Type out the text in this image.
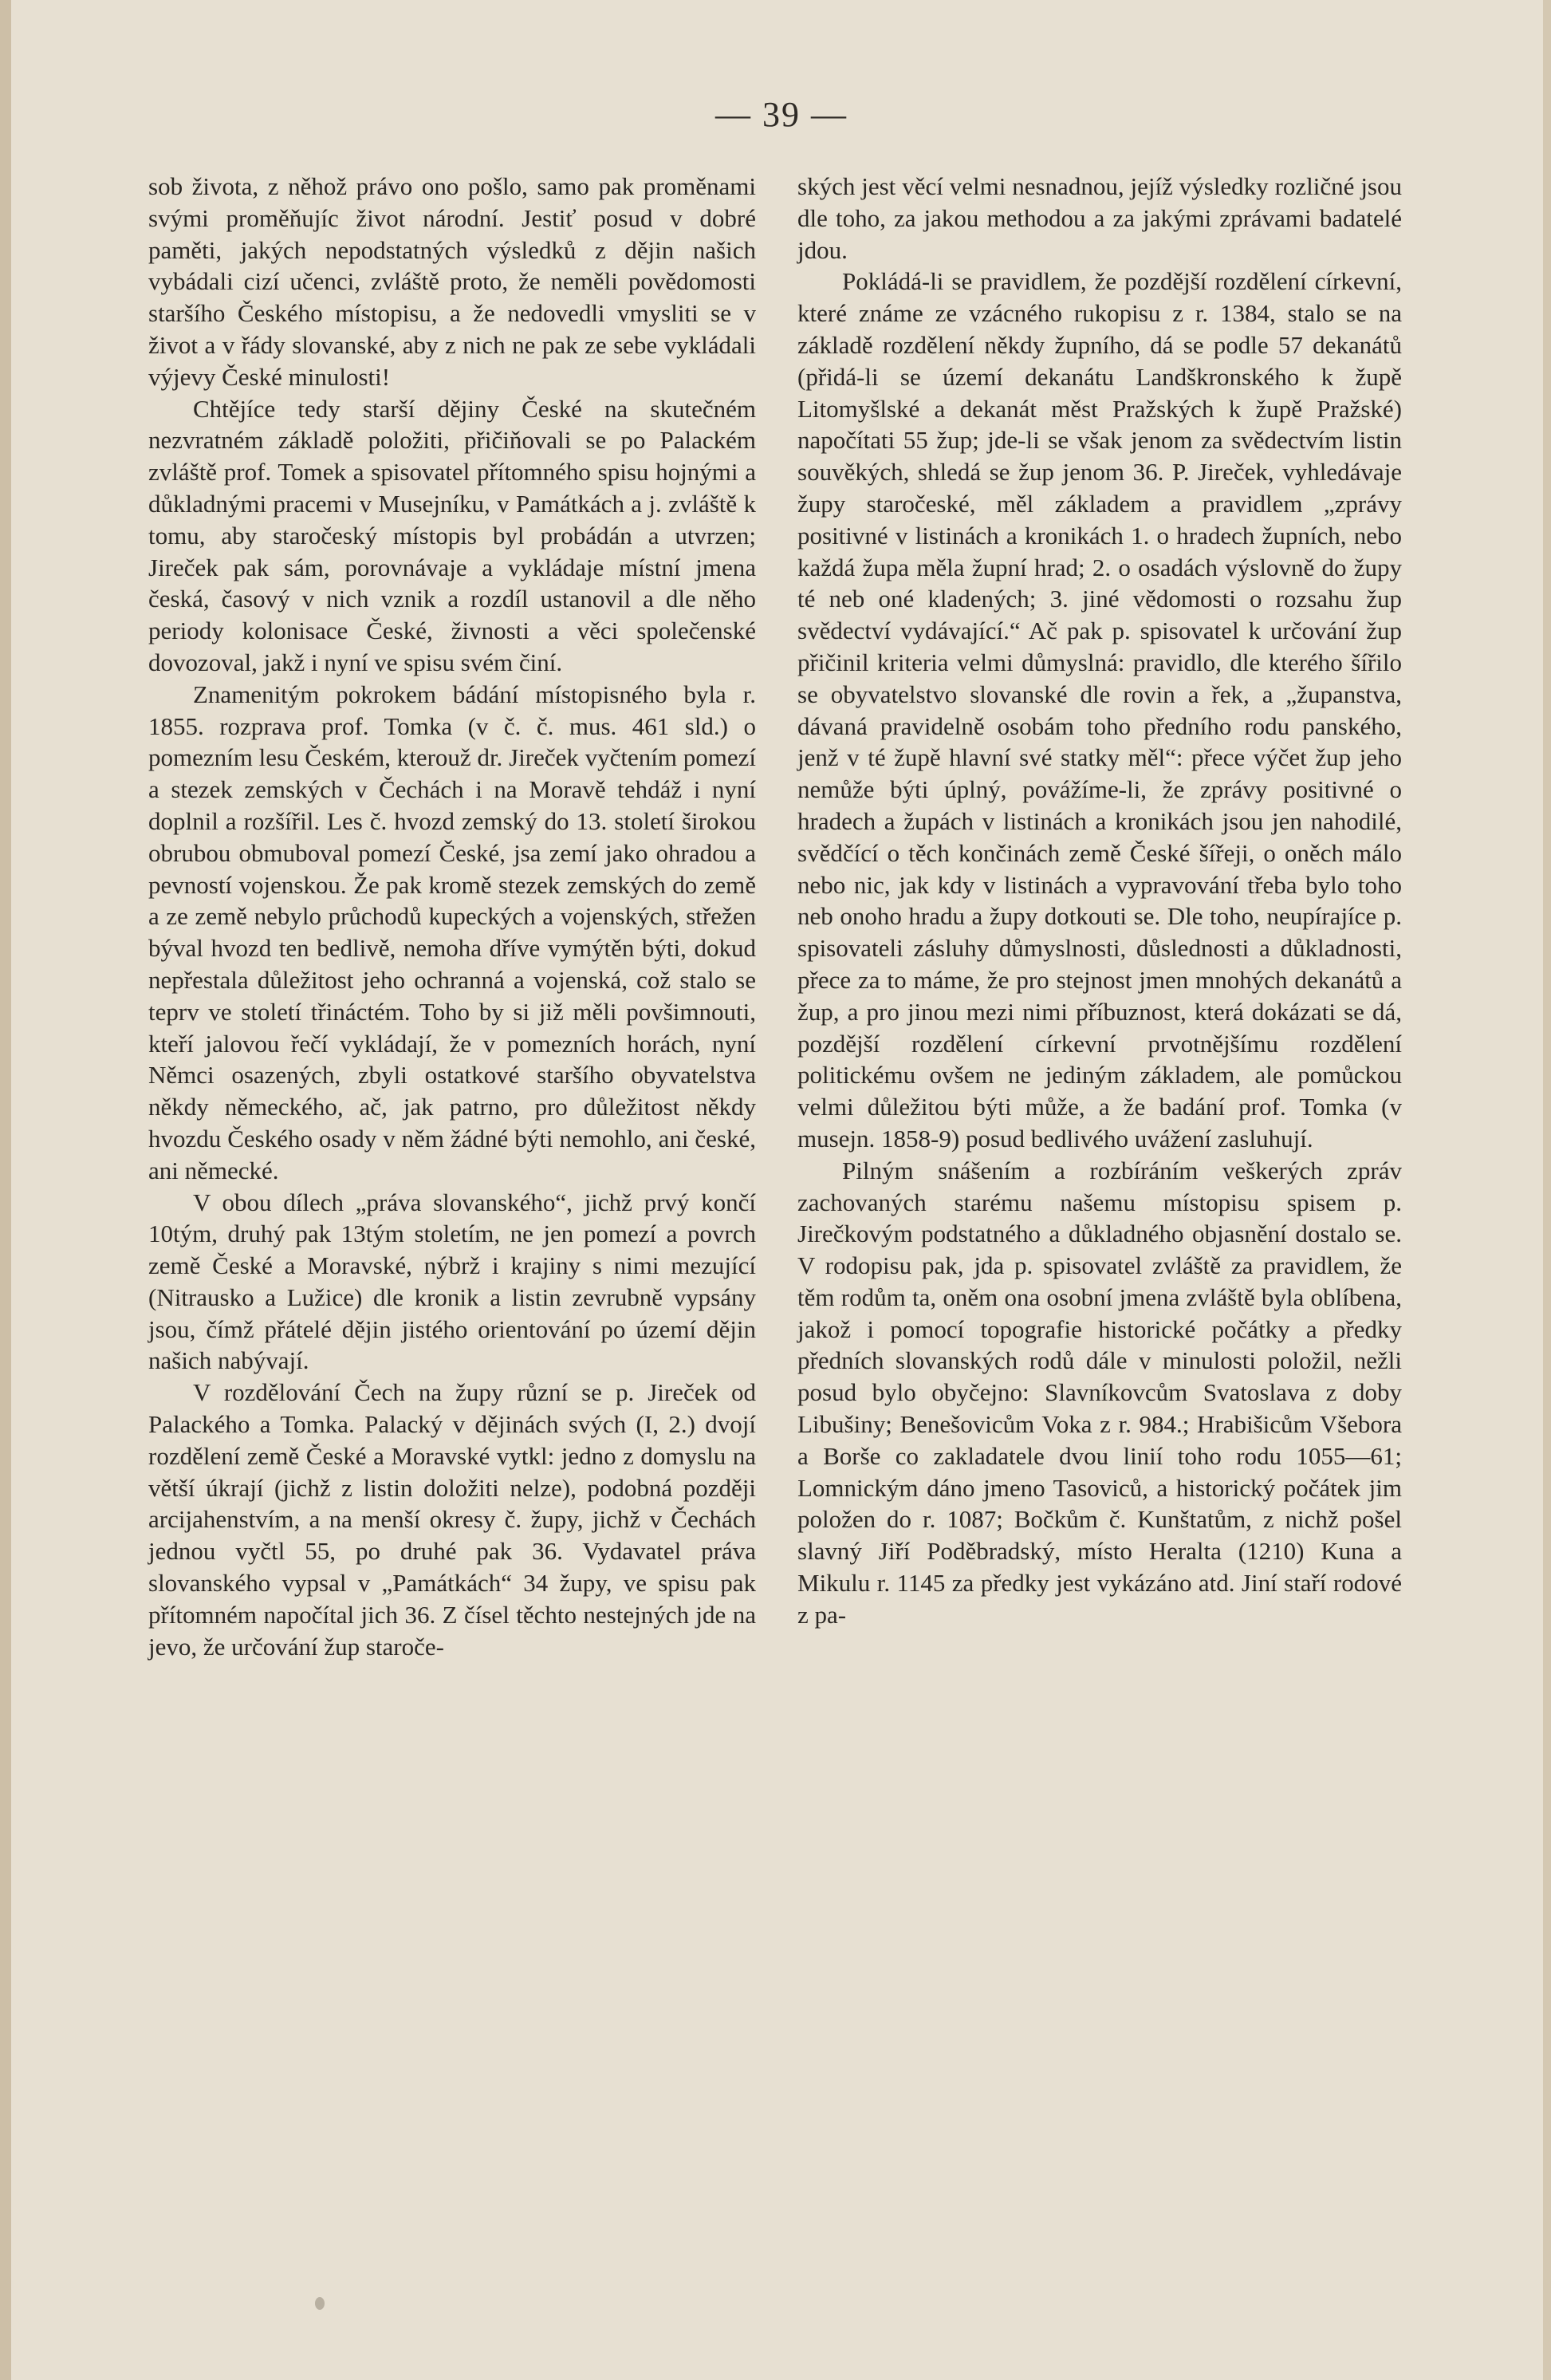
— 39 —

sob života, z něhož právo ono pošlo, samo pak proměnami svými proměňujíc život národní. Jestiť posud v dobré paměti, jakých nepodstatných výsledků z dějin našich vybádali cizí učenci, zvláště proto, že neměli povědomosti staršího Českého místopisu, a že nedovedli vmysliti se v život a v řády slovanské, aby z nich ne pak ze sebe vykládali výjevy České minulosti!

Chtějíce tedy starší dějiny České na skutečném nezvratném základě položiti, přičiňovali se po Palackém zvláště prof. Tomek a spisovatel přítomného spisu hojnými a důkladnými pracemi v Musejníku, v Památkách a j. zvláště k tomu, aby staročeský místopis byl probádán a utvrzen; Jireček pak sám, porovnávaje a vykládaje místní jmena česká, časový v nich vznik a rozdíl ustanovil a dle něho periody kolonisace České, živnosti a věci společenské dovozoval, jakž i nyní ve spisu svém činí.

Znamenitým pokrokem bádání místopisného byla r. 1855. rozprava prof. Tomka (v č. č. mus. 461 sld.) o pomezním lesu Českém, kterouž dr. Jireček vyčtením pomezí a stezek zemských v Čechách i na Moravě tehdáž i nyní doplnil a rozšířil. Les č. hvozd zemský do 13. století širokou obrubou obmuboval pomezí České, jsa zemí jako ohradou a pevností vojenskou. Že pak kromě stezek zemských do země a ze země nebylo průchodů kupeckých a vojenských, střežen býval hvozd ten bedlivě, nemoha dříve vymýtěn býti, dokud nepřestala důležitost jeho ochranná a vojenská, což stalo se teprv ve století třináctém. Toho by si již měli povšimnouti, kteří jalovou řečí vykládají, že v pomezních horách, nyní Němci osazených, zbyli ostatkové staršího obyvatelstva někdy německého, ač, jak patrno, pro důležitost někdy hvozdu Českého osady v něm žádné býti nemohlo, ani české, ani německé.

V obou dílech „práva slovanského“, jichž prvý končí 10tým, druhý pak 13tým stoletím, ne jen pomezí a povrch země České a Moravské, nýbrž i krajiny s nimi mezující (Nitrausko a Lužice) dle kronik a listin zevrubně vypsány jsou, čímž přátelé dějin jistého orientování po území dějin našich nabývají.

V rozdělování Čech na župy různí se p. Jireček od Palackého a Tomka. Palacký v dějinách svých (I, 2.) dvojí rozdělení země České a Moravské vytkl: jedno z domyslu na větší úkrají (jichž z listin doložiti nelze), podobná později arcijahenstvím, a na menší okresy č. župy, jichž v Čechách jednou vyčtl 55, po druhé pak 36. Vydavatel práva slovanského vypsal v „Památkách“ 34 župy, ve spisu pak přítomném napočítal jich 36. Z čísel těchto nestejných jde na jevo, že určování žup staroče-

ských jest věcí velmi nesnadnou, jejíž výsledky rozličné jsou dle toho, za jakou methodou a za jakými zprávami badatelé jdou.

Pokládá-li se pravidlem, že pozdější rozdělení církevní, které známe ze vzácného rukopisu z r. 1384, stalo se na základě rozdělení někdy župního, dá se podle 57 dekanátů (přidá-li se území dekanátu Landškronského k župě Litomyšlské a dekanát měst Pražských k župě Pražské) napočítati 55 žup; jde-li se však jenom za svědectvím listin souvěkých, shledá se žup jenom 36. P. Jireček, vyhledávaje župy staročeské, měl základem a pravidlem „zprávy positivné v listinách a kronikách 1. o hradech župních, nebo každá župa měla župní hrad; 2. o osadách výslovně do župy té neb oné kladených; 3. jiné vědomosti o rozsahu žup svědectví vydávající.“ Ač pak p. spisovatel k určování žup přičinil kriteria velmi důmyslná: pravidlo, dle kterého šířilo se obyvatelstvo slovanské dle rovin a řek, a „županstva, dávaná pravidelně osobám toho předního rodu panského, jenž v té župě hlavní své statky měl“: přece výčet žup jeho nemůže býti úplný, povážíme-li, že zprávy positivné o hradech a župách v listinách a kronikách jsou jen nahodilé, svědčící o těch končinách země České šířeji, o oněch málo nebo nic, jak kdy v listinách a vypravování třeba bylo toho neb onoho hradu a župy dotkouti se. Dle toho, neupírajíce p. spisovateli zásluhy důmyslnosti, důslednosti a důkladnosti, přece za to máme, že pro stejnost jmen mnohých dekanátů a žup, a pro jinou mezi nimi příbuznost, která dokázati se dá, pozdější rozdělení církevní prvotnějšímu rozdělení politickému ovšem ne jediným základem, ale pomůckou velmi důležitou býti může, a že badání prof. Tomka (v musejn. 1858-9) posud bedlivého uvážení zasluhují.

Pilným snášením a rozbíráním veškerých zpráv zachovaných starému našemu místopisu spisem p. Jirečkovým podstatného a důkladného objasnění dostalo se. V rodopisu pak, jda p. spisovatel zvláště za pravidlem, že těm rodům ta, oněm ona osobní jmena zvláště byla oblíbena, jakož i pomocí topografie historické počátky a předky předních slovanských rodů dále v minulosti položil, nežli posud bylo obyčejno: Slavníkovcům Svatoslava z doby Libušiny; Benešovicům Voka z r. 984.; Hrabišicům Všebora a Borše co zakladatele dvou linií toho rodu 1055—61; Lomnickým dáno jmeno Tasoviců, a historický počátek jim položen do r. 1087; Bočkům č. Kunštatům, z nichž pošel slavný Jiří Poděbradský, místo Heralta (1210) Kuna a Mikulu r. 1145 za předky jest vykázáno atd. Jiní staří rodové z pa-
